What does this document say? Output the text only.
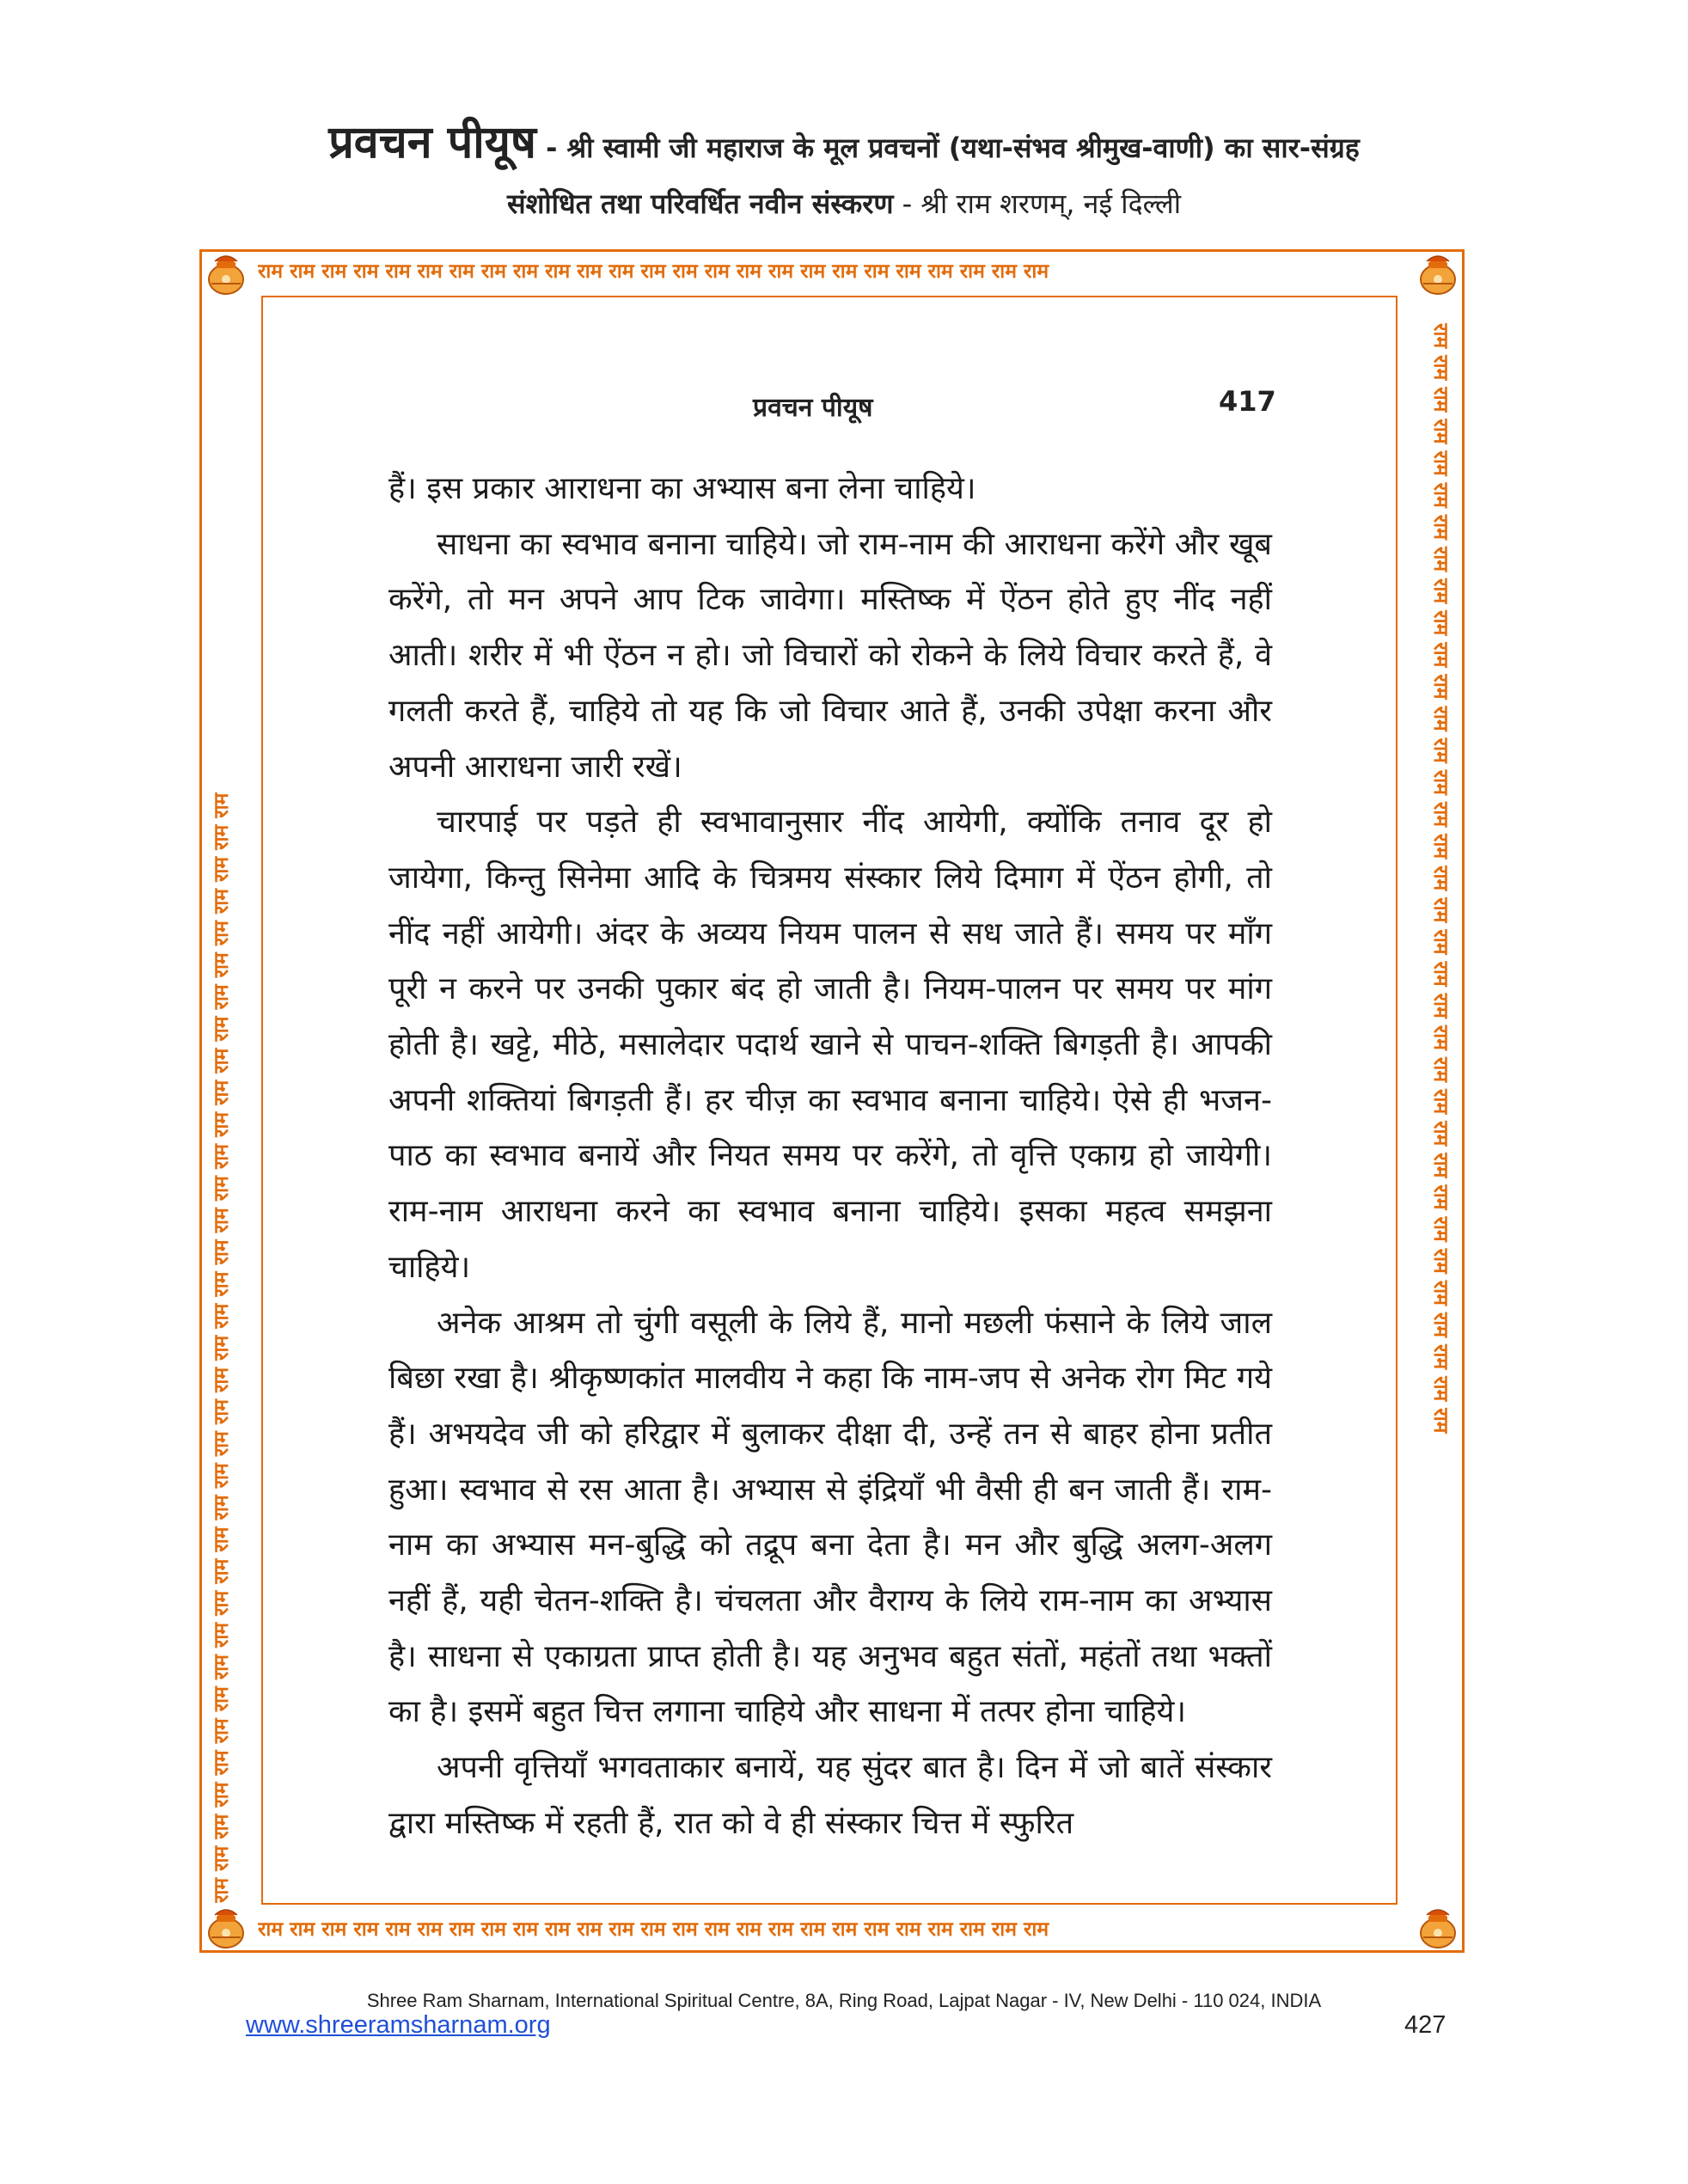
प्रवचन पीयूष - श्री स्वामी जी महाराज के मूल प्रवचनों (यथा-संभव श्रीमुख-वाणी) का सार-संग्रह
संशोधित तथा परिवर्धित नवीन संस्करण - श्री राम शरणम्, नई दिल्ली
राम राम राम राम राम राम राम राम राम राम राम राम राम राम राम राम राम राम राम राम राम राम राम राम राम
राम राम राम राम राम राम राम राम राम राम राम राम राम राम राम राम राम राम राम राम राम राम राम राम राम
राम राम राम राम राम राम राम राम राम राम राम राम राम राम राम राम राम राम राम राम राम राम राम राम राम राम राम राम राम राम राम राम राम राम राम	राम राम राम राम राम राम राम राम राम राम राम राम राम राम राम राम राम राम राम राम राम राम राम राम राम राम राम राम राम राम राम राम राम राम राम
प्रवचन पीयूष	417

हैं। इस प्रकार आराधना का अभ्यास बना लेना चाहिये।

साधना का स्वभाव बनाना चाहिये। जो राम-नाम की आराधना करेंगे और खूब करेंगे, तो मन अपने आप टिक जावेगा। मस्तिष्क में ऐंठन होते हुए नींद नहीं आती। शरीर में भी ऐंठन न हो। जो विचारों को रोकने के लिये विचार करते हैं, वे गलती करते हैं, चाहिये तो यह कि जो विचार आते हैं, उनकी उपेक्षा करना और अपनी आराधना जारी रखें।

चारपाई पर पड़ते ही स्वभावानुसार नींद आयेगी, क्योंकि तनाव दूर हो जायेगा, किन्तु सिनेमा आदि के चित्रमय संस्कार लिये दिमाग में ऐंठन होगी, तो नींद नहीं आयेगी। अंदर के अव्यय नियम पालन से सध जाते हैं। समय पर माँग पूरी न करने पर उनकी पुकार बंद हो जाती है। नियम-पालन पर समय पर मांग होती है। खट्टे, मीठे, मसालेदार पदार्थ खाने से पाचन-शक्ति बिगड़ती है। आपकी अपनी शक्तियां बिगड़ती हैं। हर चीज़ का स्वभाव बनाना चाहिये। ऐसे ही भजन-पाठ का स्वभाव बनायें और नियत समय पर करेंगे, तो वृत्ति एकाग्र हो जायेगी। राम-नाम आराधना करने का स्वभाव बनाना चाहिये। इसका महत्व समझना चाहिये।

अनेक आश्रम तो चुंगी वसूली के लिये हैं, मानो मछली फंसाने के लिये जाल बिछा रखा है। श्रीकृष्णकांत मालवीय ने कहा कि नाम-जप से अनेक रोग मिट गये हैं। अभयदेव जी को हरिद्वार में बुलाकर दीक्षा दी, उन्हें तन से बाहर होना प्रतीत हुआ। स्वभाव से रस आता है। अभ्यास से इंद्रियाँ भी वैसी ही बन जाती हैं। राम-नाम का अभ्यास मन-बुद्धि को तद्रूप बना देता है। मन और बुद्धि अलग-अलग नहीं हैं, यही चेतन-शक्ति है। चंचलता और वैराग्य के लिये राम-नाम का अभ्यास है। साधना से एकाग्रता प्राप्त होती है। यह अनुभव बहुत संतों, महंतों तथा भक्तों का है। इसमें बहुत चित्त लगाना चाहिये और साधना में तत्पर होना चाहिये।

अपनी वृत्तियाँ भगवताकार बनायें, यह सुंदर बात है। दिन में जो बातें संस्कार द्वारा मस्तिष्क में रहती हैं, रात को वे ही संस्कार चित्त में स्फुरित

Shree Ram Sharnam, International Spiritual Centre, 8A, Ring Road, Lajpat Nagar - IV, New Delhi - 110 024, INDIA
www.shreeramsharnam.org	427
